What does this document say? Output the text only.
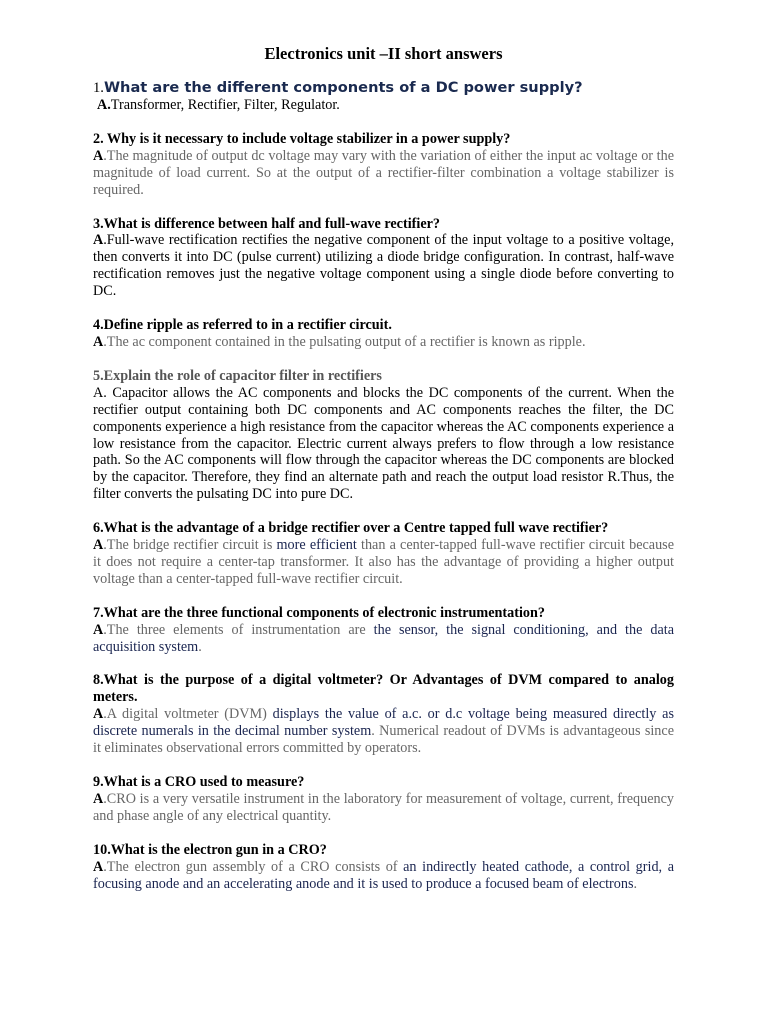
Electronics unit –II short answers
1.What are the different components of a DC power supply?
A.Transformer, Rectifier, Filter, Regulator.
2. Why is it necessary to include voltage stabilizer in a power supply?
A.The magnitude of output dc voltage may vary with the variation of either the input ac voltage or the magnitude of load current. So at the output of a rectifier-filter combination a voltage stabilizer is required.
3.What is difference between half and full-wave rectifier?
A.Full-wave rectification rectifies the negative component of the input voltage to a positive voltage, then converts it into DC (pulse current) utilizing a diode bridge configuration. In contrast, half-wave rectification removes just the negative voltage component using a single diode before converting to DC.
4.Define ripple as referred to in a rectifier circuit.
A.The ac component contained in the pulsating output of a rectifier is known as ripple.
5.Explain the role of capacitor filter in rectifiers
A. Capacitor allows the AC components and blocks the DC components of the current. When the rectifier output containing both DC components and AC components reaches the filter, the DC components experience a high resistance from the capacitor whereas the AC components experience a low resistance from the capacitor. Electric current always prefers to flow through a low resistance path. So the AC components will flow through the capacitor whereas the DC components are blocked by the capacitor. Therefore, they find an alternate path and reach the output load resistor R.Thus, the filter converts the pulsating DC into pure DC.
6.What is the advantage of a bridge rectifier over a Centre tapped full wave rectifier?
A.The bridge rectifier circuit is more efficient than a center-tapped full-wave rectifier circuit because it does not require a center-tap transformer. It also has the advantage of providing a higher output voltage than a center-tapped full-wave rectifier circuit.
7.What are the three functional components of electronic instrumentation?
A.The three elements of instrumentation are the sensor, the signal conditioning, and the data acquisition system.
8.What is the purpose of a digital voltmeter? Or Advantages of DVM compared to analog meters.
A.A digital voltmeter (DVM) displays the value of a.c. or d.c voltage being measured directly as discrete numerals in the decimal number system. Numerical readout of DVMs is advantageous since it eliminates observational errors committed by operators.
9.What is a CRO used to measure?
A.CRO is a very versatile instrument in the laboratory for measurement of voltage, current, frequency and phase angle of any electrical quantity.
10.What is the electron gun in a CRO?
A.The electron gun assembly of a CRO consists of an indirectly heated cathode, a control grid, a focusing anode and an accelerating anode and it is used to produce a focused beam of electrons.
